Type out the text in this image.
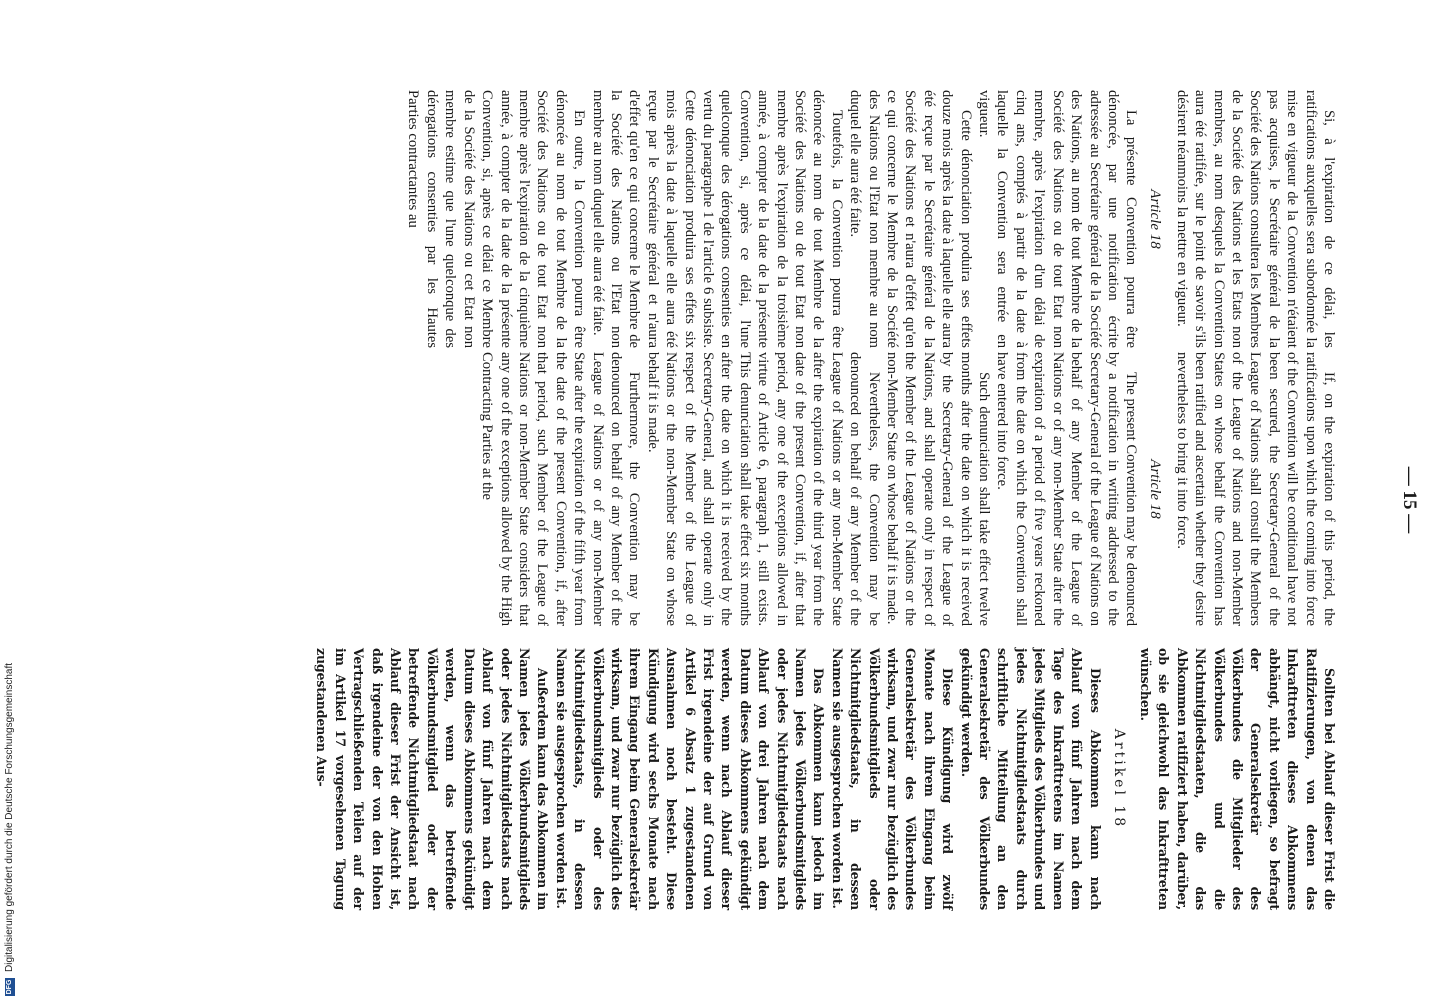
— 15 —

Si, à l'expiration de ce délai, les ratifications auxquelles sera subordonnée la mise en vigueur de la Convention n'étaient pas acquises, le Secrétaire général de la Société des Nations consultera les Membres de la Société des Nations et les Etats non membres, au nom desquels la Convention aura été ratifiée, sur le point de savoir s'ils désirent néanmoins la mettre en vigueur.

Article 18

La présente Convention pourra être dénoncée, par une notification écrite adressée au Secrétaire général de la Société des Nations, au nom de tout Membre de la Société des Nations ou de tout Etat non membre, après l'expiration d'un délai de cinq ans, comptés à partir de la date à laquelle la Convention sera entrée en vigueur.

Cette dénonciation produira ses effets douze mois après la date à laquelle elle aura été reçue par le Secrétaire général de la Société des Nations et n'aura d'effet qu'en ce qui concerne le Membre de la Société des Nations ou l'Etat non membre au nom duquel elle aura été faite.

Toutefois, la Convention pourra être dénoncée au nom de tout Membre de la Société des Nations ou de tout Etat non membre après l'expiration de la troisième année, à compter de la date de la présente Convention, si, après ce délai, l'une quelconque des dérogations consenties en vertu du paragraphe 1 de l'article 6 subsiste. Cette dénonciation produira ses effets six mois après la date à laquelle elle aura été reçue par le Secrétaire général et n'aura d'effet qu'en ce qui concerne le Membre de la Société des Nations ou l'Etat non membre au nom duquel elle aura été faite.

En outre, la Convention pourra être dénoncée au nom de tout Membre de la Société des Nations ou de tout Etat non membre après l'expiration de la cinquième année, à compter de la date de la présente Convention, si, après ce délai ce Membre de la Société des Nations ou cet Etat non membre estime que l'une quelconque des dérogations consenties par les Hautes Parties contractantes au

If, on the expiration of this period, the ratifications upon which the coming into force of the Convention will be conditional have not been secured, the Secretary-General of the League of Nations shall consult the Members of the League of Nations and non-Member States on whose behalf the Convention has been ratified and ascertain whether they desire nevertheless to bring it into force.

Article 18

The present Convention may be denounced by a notification in writing addressed to the Secretary-General of the League of Nations on behalf of any Member of the League of Nations or of any non-Member State after the expiration of a period of five years reckoned from the date on which the Convention shall have entered into force.

Such denunciation shall take effect twelve months after the date on which it is received by the Secretary-General of the League of Nations, and shall operate only in respect of the Member of the League of Nations or the non-Member State on whose behalf it is made.

Nevertheless, the Convention may be denounced on behalf of any Member of the League of Nations or any non-Member State after the expiration of the third year from the date of the present Convention, if, after that period, any one of the exceptions allowed in virtue of Article 6, paragraph 1, still exists. This denunciation shall take effect six months after the date on which it is received by the Secretary-General, and shall operate only in respect of the Member of the League of Nations or the non-Member State on whose behalf it is made.

Furthermore, the Convention may be denounced on behalf of any Member of the League of Nations or of any non-Member State after the expiration of the fifth year from the date of the present Convention, if, after that period, such Member of the League of Nations or non-Member State considers that any one of the exceptions allowed by the High Contracting Parties at the

Sollten bei Ablauf dieser Frist die Ratifizierungen, von denen das Inkrafttreten dieses Abkommens abhängt, nicht vorliegen, so befragt der Generalsekretär des Völkerbundes die Mitglieder des Völkerbundes und die Nichtmitgliedstaaten, die das Abkommen ratifiziert haben, darüber, ob sie gleichwohl das Inkrafttreten wünschen.

Artikel 18

Dieses Abkommen kann nach Ablauf von fünf Jahren nach dem Tage des Inkrafttretens im Namen jedes Mitglieds des Völkerbundes und jedes Nichtmitgliedstaats durch schriftliche Mitteilung an den Generalsekretär des Völkerbundes gekündigt werden.

Diese Kündigung wird zwölf Monate nach ihrem Eingang beim Generalsekretär des Völkerbundes wirksam, und zwar nur bezüglich des Völkerbundsmitglieds oder Nichtmitgliedstaats, in dessen Namen sie ausgesprochen worden ist.

Das Abkommen kann jedoch im Namen jedes Völkerbundsmitglieds oder jedes Nichtmitgliedstaats nach Ablauf von drei Jahren nach dem Datum dieses Abkommens gekündigt werden, wenn nach Ablauf dieser Frist irgendeine der auf Grund von Artikel 6 Absatz 1 zugestandenen Ausnahmen noch besteht. Diese Kündigung wird sechs Monate nach ihrem Eingang beim Generalsekretär wirksam, und zwar nur bezüglich des Völkerbundsmitglieds oder des Nichtmitgliedstaats, in dessen Namen sie ausgesprochen worden ist.

Außerdem kann das Abkommen im Namen jedes Völkerbundsmitglieds oder jedes Nichtmitgliedstaats nach Ablauf von fünf Jahren nach dem Datum dieses Abkommens gekündigt werden, wenn das betreffende Völkerbundsmitglied oder der betreffende Nichtmitgliedstaat nach Ablauf dieser Frist der Ansicht ist, daß irgendeine der von den Hohen Vertragschließenden Teilen auf der im Artikel 17 vorgesehenen Tagung zugestandenen Aus-

DFG
Digitalisierung gefördert durch die Deutsche Forschungsgemeinschaft
